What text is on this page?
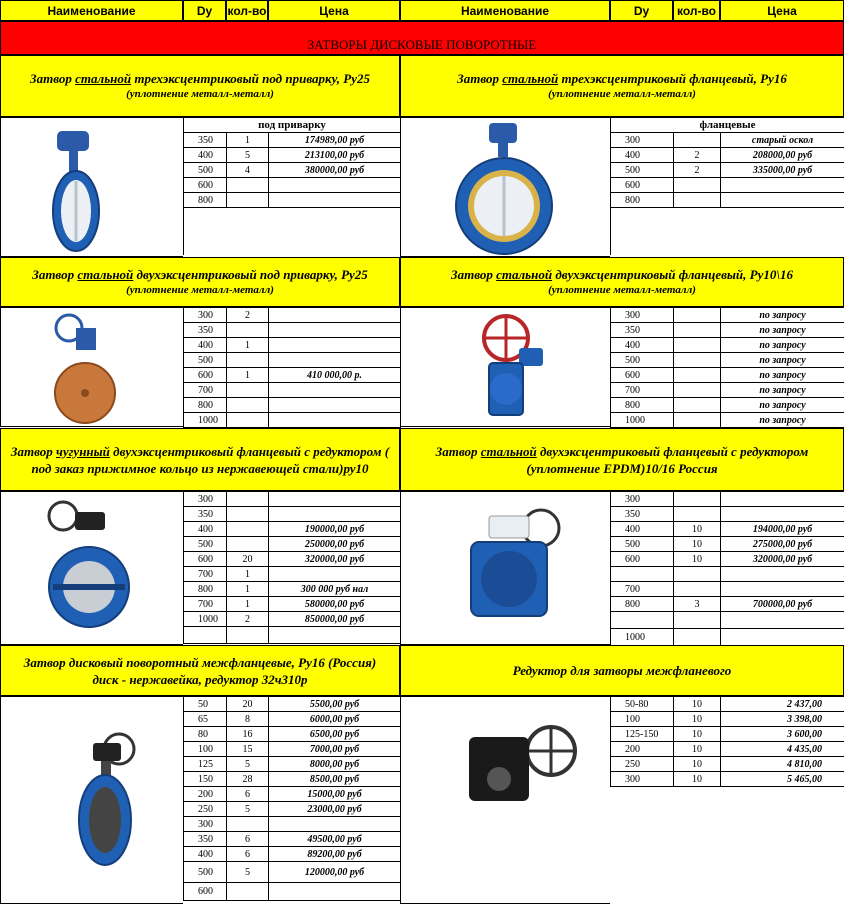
Наименование	Dy	кол-во	Цена	Наименование	Dy	кол-во	Цена
ЗАТВОРЫ ДИСКОВЫЕ ПОВОРОТНЫЕ
Затвор стальной трехэксцентриковый под приварку, Ру25
(уплотнение металл-металл)
Затвор стальной трехэксцентриковый фланцевый, Ру16
(уплотнение металл-металл)
под приварку		
350	1	174989,00 руб
400	5	213100,00 руб
500	4	380000,00 руб
600		
800		

фланцевые		
300		старый оскол
400	2	208000,00 руб
500	2	335000,00 руб
600		
800		

Затвор стальной двухэксцентриковый под приварку, Ру25
(уплотнение металл-металл)
Затвор стальной двухэксцентриковый фланцевый, Ру10\16
(уплотнение металл-металл)
300	2	
350		
400	1	
500		
600	1	410 000,00 р.
700		
800		
1000		
300		по запросу
350		по запросу
400		по запросу
500		по запросу
600		по запросу
700		по запросу
800		по запросу
1000		по запросу
Затвор чугунный двухэксцентриковый фланцевый с редуктором ( под заказ прижимное кольцо из нержавеющей стали)ру10
Затвор стальной двухэксцентриковый фланцевый с редуктором
(уплотнение EPDM)10/16 Россия
300		
350		
400		190000,00 руб
500		250000,00 руб
600	20	320000,00 руб
700	1	
800	1	300 000 руб нал
700	1	580000,00 руб
1000	2	850000,00 руб

300		
350		
400	10	194000,00 руб
500	10	275000,00 руб
600	10	320000,00 руб

700		
800	3	700000,00 руб

1000		
Затвор дисковый поворотный межфланцевые, Ру16 (Россия)
диск - нержавейка, редуктор 32ч310р
Редуктор для затворы межфланевого
50	20	5500,00 руб
65	8	6000,00 руб
80	16	6500,00 руб
100	15	7000,00 руб
125	5	8000,00 руб
150	28	8500,00 руб
200	6	15000,00 руб
250	5	23000,00 руб
300		
350	6	49500,00 руб
400	6	89200,00 руб
500	5	120000,00 руб
600		
50-80	10	2 437,00
100	10	3 398,00
125-150	10	3 600,00
200	10	4 435,00
250	10	4 810,00
300	10	5 465,00
